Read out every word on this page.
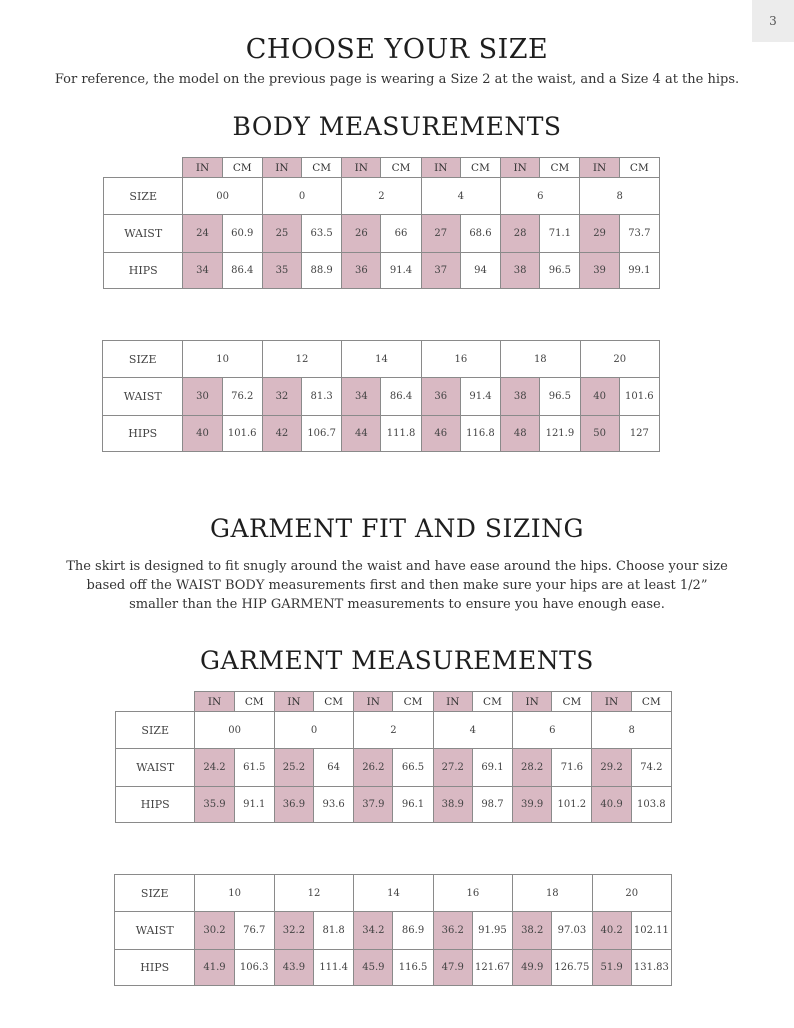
3
CHOOSE YOUR SIZE

For reference, the model on the previous page is wearing a Size 2 at the waist, and a Size 4 at the hips.

BODY MEASUREMENTS
	IN	CM	IN	CM	IN	CM	IN	CM	IN	CM	IN	CM
SIZE	00		0		2		4		6		8	
WAIST	24	60.9	25	63.5	26	66	27	68.6	28	71.1	29	73.7
HIPS	34	86.4	35	88.9	36	91.4	37	94	38	96.5	39	99.1
SIZE	10		12		14		16		18		20	
WAIST	30	76.2	32	81.3	34	86.4	36	91.4	38	96.5	40	101.6
HIPS	40	101.6	42	106.7	44	111.8	46	116.8	48	121.9	50	127
GARMENT FIT AND SIZING

The skirt is designed to fit snugly around the waist and have ease around the hips. Choose your size based off the WAIST BODY measurements first and then make sure your hips are at least 1/2” smaller than the HIP GARMENT measurements to ensure you have enough ease.

GARMENT MEASUREMENTS
	IN	CM	IN	CM	IN	CM	IN	CM	IN	CM	IN	CM
SIZE	00		0		2		4		6		8	
WAIST	24.2	61.5	25.2	64	26.2	66.5	27.2	69.1	28.2	71.6	29.2	74.2
HIPS	35.9	91.1	36.9	93.6	37.9	96.1	38.9	98.7	39.9	101.2	40.9	103.8
SIZE	10		12		14		16		18		20	
WAIST	30.2	76.7	32.2	81.8	34.2	86.9	36.2	91.95	38.2	97.03	40.2	102.11
HIPS	41.9	106.3	43.9	111.4	45.9	116.5	47.9	121.67	49.9	126.75	51.9	131.83
